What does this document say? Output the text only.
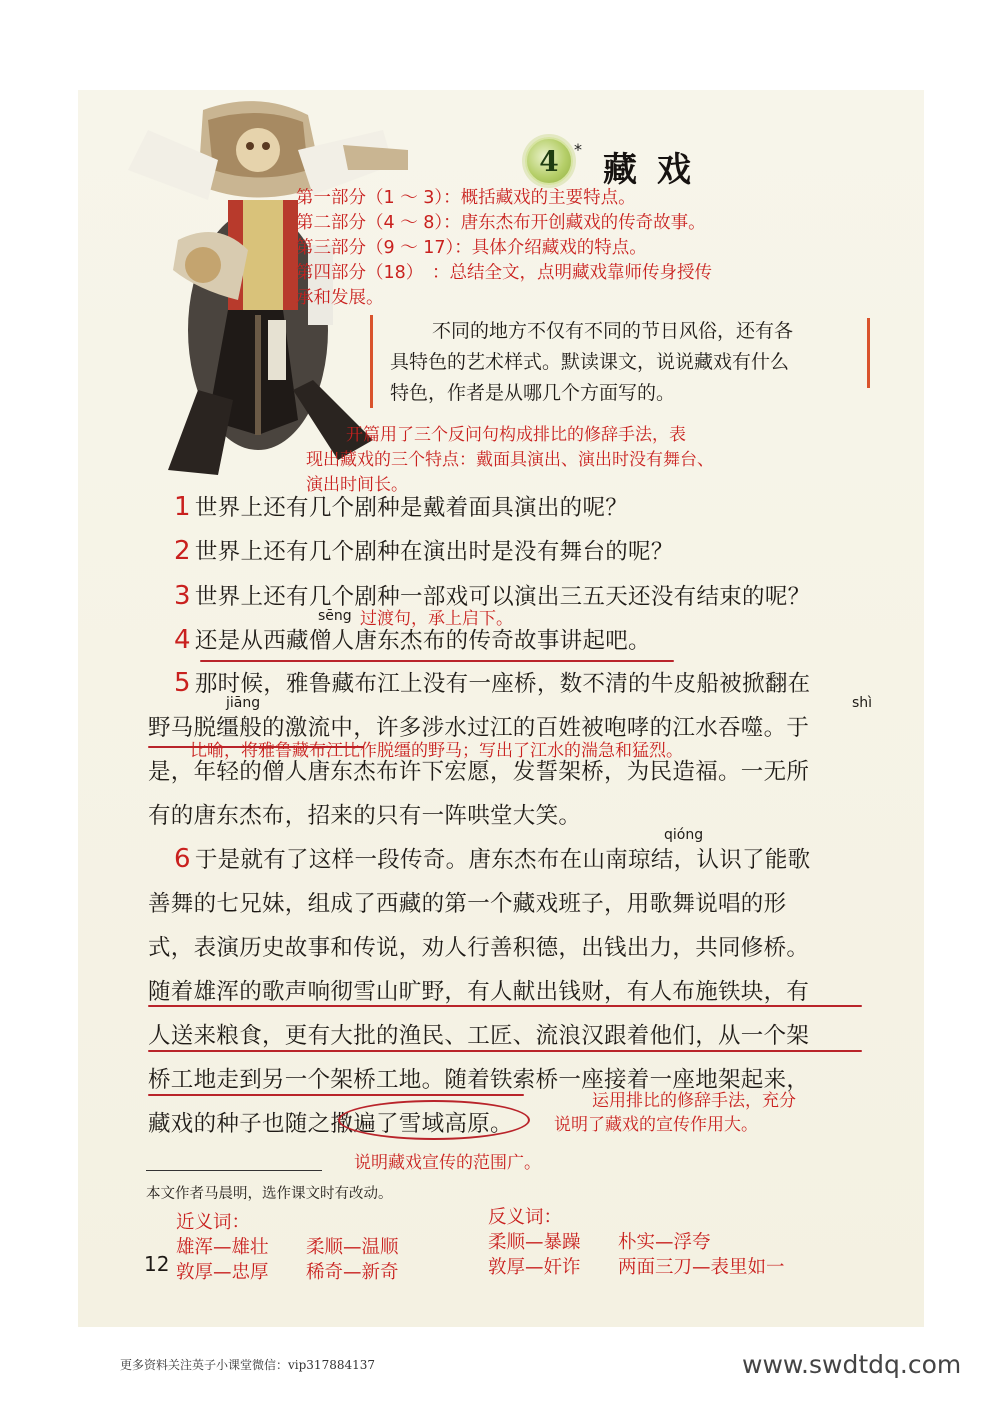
4 *
藏戏
第一部分（1 ～ 3）：概括藏戏的主要特点。
第二部分（4 ～ 8）：唐东杰布开创藏戏的传奇故事。
第三部分（9 ～ 17）：具体介绍藏戏的特点。
第四部分（18）　：总结全文，点明藏戏靠师传身授传
承和发展。
不同的地方不仅有不同的节日风俗，还有各
具特色的艺术样式。默读课文，说说藏戏有什么
特色，作者是从哪几个方面写的。
开篇用了三个反问句构成排比的修辞手法，表
现出藏戏的三个特点：戴面具演出、演出时没有舞台、
演出时间长。
1 世界上还有几个剧种是戴着面具演出的呢？
2 世界上还有几个剧种在演出时是没有舞台的呢？
3 世界上还有几个剧种一部戏可以演出三五天还没有结束的呢？
sēng 过渡句，承上启下。
4 还是从西藏僧人唐东杰布的传奇故事讲起吧。
5 那时候，雅鲁藏布江上没有一座桥，数不清的牛皮船被掀翻在
jiāng	shì
野马脱缰般的激流中，许多涉水过江的百姓被咆哮的江水吞噬。于
比喻，将雅鲁藏布江比作脱缰的野马；写出了江水的湍急和猛烈。
是，年轻的僧人唐东杰布许下宏愿，发誓架桥，为民造福。一无所
有的唐东杰布，招来的只有一阵哄堂大笑。
qióng
6 于是就有了这样一段传奇。唐东杰布在山南琼结，认识了能歌
善舞的七兄妹，组成了西藏的第一个藏戏班子，用歌舞说唱的形
式，表演历史故事和传说，劝人行善积德，出钱出力，共同修桥。
随着雄浑的歌声响彻雪山旷野，有人献出钱财，有人布施铁块，有
人送来粮食，更有大批的渔民、工匠、流浪汉跟着他们，从一个架
桥工地走到另一个架桥工地。随着铁索桥一座接着一座地架起来，
运用排比的修辞手法，充分
藏戏的种子也随之撒遍了雪域高原。 说明了藏戏的宣传作用大。
说明藏戏宣传的范围广。
本文作者马晨明，选作课文时有改动。
近义词：
雄浑—雄壮 柔顺—温顺
敦厚—忠厚 稀奇—新奇
反义词：
柔顺—暴躁 朴实—浮夸
敦厚—奸诈 两面三刀—表里如一
12
更多资料关注英子小课堂微信：vip317884137	www.swdtdq.com
